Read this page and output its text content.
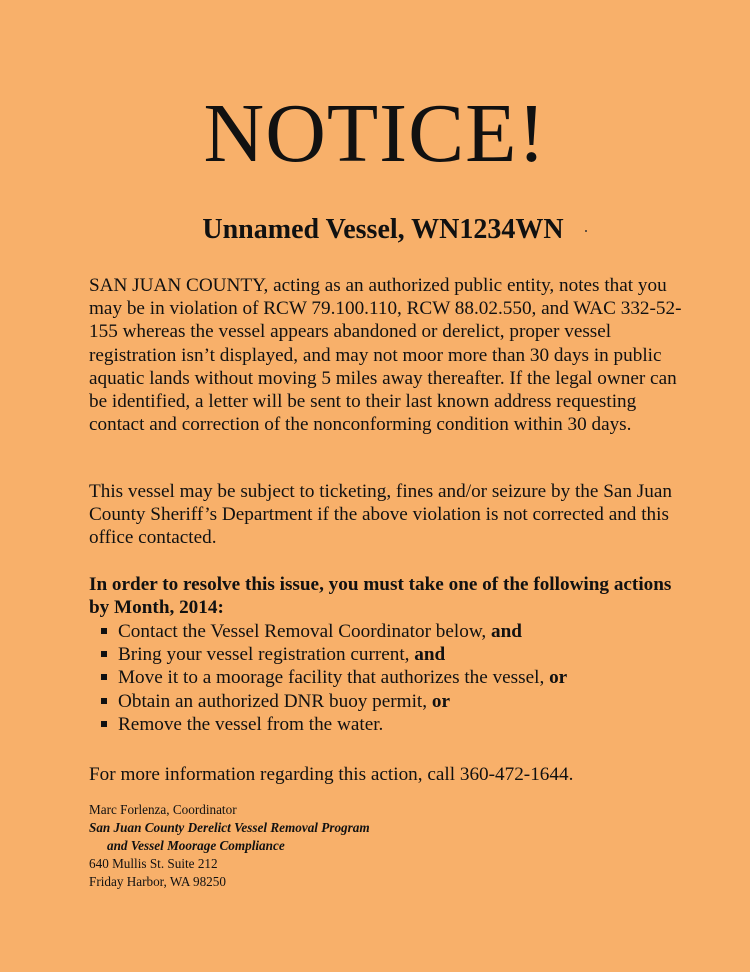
NOTICE!
Unnamed Vessel, WN1234WN

SAN JUAN COUNTY, acting as an authorized public entity, notes that you may be in violation of RCW 79.100.110, RCW 88.02.550, and WAC 332-52-155 whereas the vessel appears abandoned or derelict, proper vessel registration isn’t displayed, and may not moor more than 30 days in public aquatic lands without moving 5 miles away thereafter. If the legal owner can be identified, a letter will be sent to their last known address requesting contact and correction of the nonconforming condition within 30 days.

This vessel may be subject to ticketing, fines and/or seizure by the San Juan County Sheriff’s Department if the above violation is not corrected and this office contacted.

In order to resolve this issue, you must take one of the following actions by Month, 2014:

Contact the Vessel Removal Coordinator below, and
Bring your vessel registration current, and
Move it to a moorage facility that authorizes the vessel, or
Obtain an authorized DNR buoy permit, or
Remove the vessel from the water.

For more information regarding this action, call 360-472-1644.

Marc Forlenza, Coordinator
San Juan County Derelict Vessel Removal Program
and Vessel Moorage Compliance
640 Mullis St. Suite 212
Friday Harbor, WA 98250
